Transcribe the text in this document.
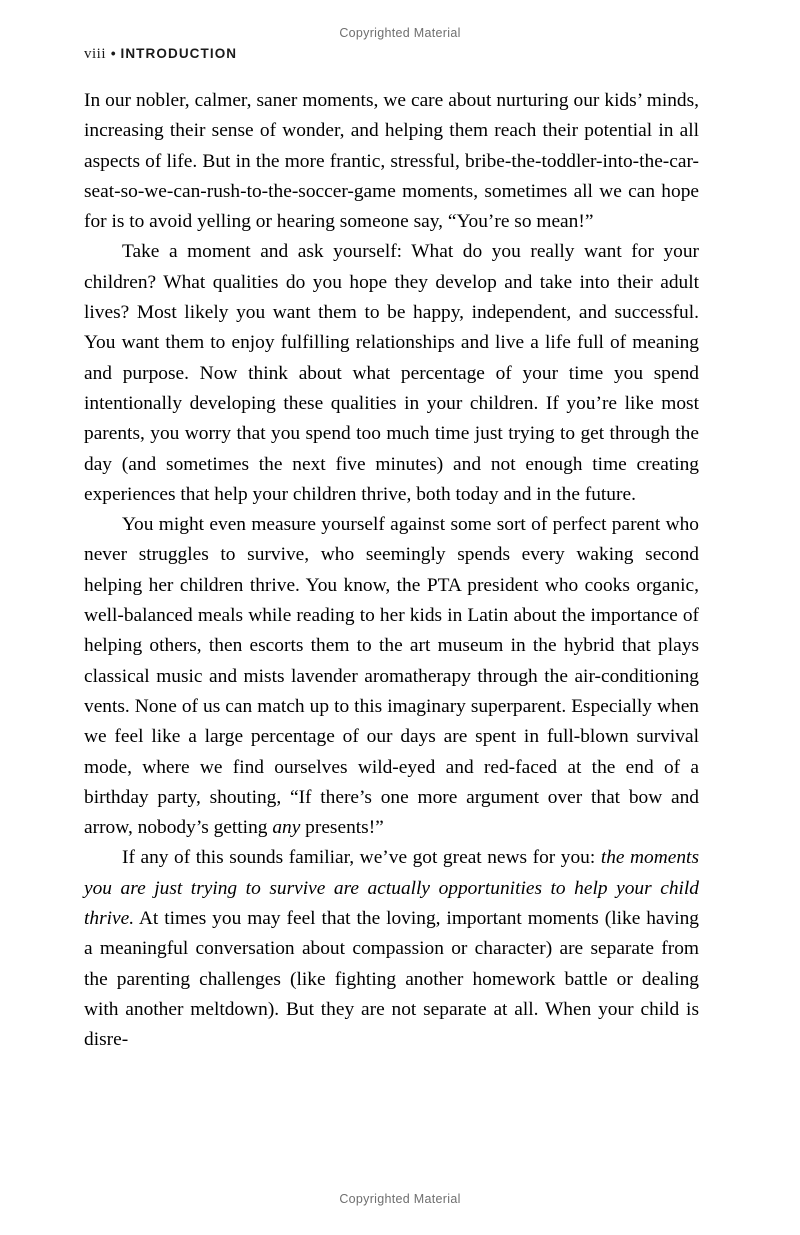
Copyrighted Material
viii • INTRODUCTION

In our nobler, calmer, saner moments, we care about nurturing our kids’ minds, increasing their sense of wonder, and helping them reach their potential in all aspects of life. But in the more frantic, stressful, bribe-the-toddler-into-the-car-seat-so-we-can-rush-to-the-soccer-game moments, sometimes all we can hope for is to avoid yelling or hearing someone say, “You’re so mean!”

Take a moment and ask yourself: What do you really want for your children? What qualities do you hope they develop and take into their adult lives? Most likely you want them to be happy, independent, and successful. You want them to enjoy fulfilling relationships and live a life full of meaning and purpose. Now think about what percentage of your time you spend intentionally developing these qualities in your children. If you’re like most parents, you worry that you spend too much time just trying to get through the day (and sometimes the next five minutes) and not enough time creating experiences that help your children thrive, both today and in the future.

You might even measure yourself against some sort of perfect parent who never struggles to survive, who seemingly spends every waking second helping her children thrive. You know, the PTA president who cooks organic, well-balanced meals while reading to her kids in Latin about the importance of helping others, then escorts them to the art museum in the hybrid that plays classical music and mists lavender aromatherapy through the air-conditioning vents. None of us can match up to this imaginary superparent. Especially when we feel like a large percentage of our days are spent in full-blown survival mode, where we find ourselves wild-eyed and red-faced at the end of a birthday party, shouting, “If there’s one more argument over that bow and arrow, nobody’s getting any presents!”

If any of this sounds familiar, we’ve got great news for you: the moments you are just trying to survive are actually opportunities to help your child thrive. At times you may feel that the loving, important moments (like having a meaningful conversation about compassion or character) are separate from the parenting challenges (like fighting another homework battle or dealing with another meltdown). But they are not separate at all. When your child is disre-

Copyrighted Material
